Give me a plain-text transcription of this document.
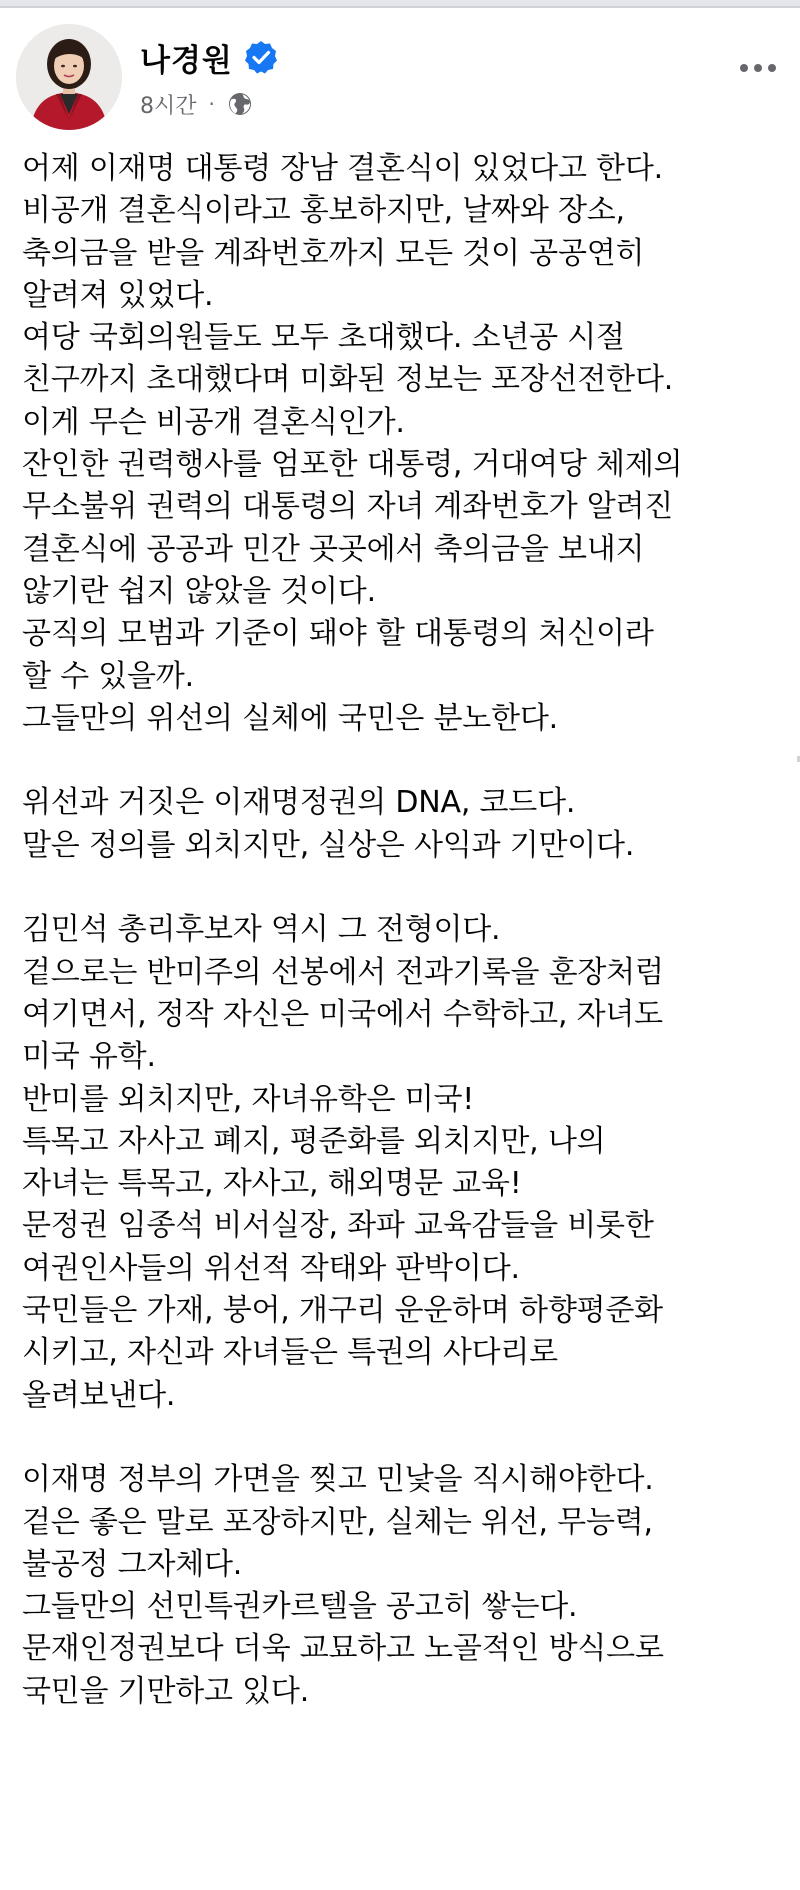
나경원
8시간 ·
어제 이재명 대통령 장남 결혼식이 있었다고 한다.
비공개 결혼식이라고 홍보하지만, 날짜와 장소,
축의금을 받을 계좌번호까지 모든 것이 공공연히
알려져 있었다.
여당 국회의원들도 모두 초대했다. 소년공 시절
친구까지 초대했다며 미화된 정보는 포장선전한다.
이게 무슨 비공개 결혼식인가.
잔인한 권력행사를 엄포한 대통령, 거대여당 체제의
무소불위 권력의 대통령의 자녀 계좌번호가 알려진
결혼식에 공공과 민간 곳곳에서 축의금을 보내지
않기란 쉽지 않았을 것이다.
공직의 모범과 기준이 돼야 할 대통령의 처신이라
할 수 있을까.
그들만의 위선의 실체에 국민은 분노한다.
위선과 거짓은 이재명정권의 DNA, 코드다.
말은 정의를 외치지만, 실상은 사익과 기만이다.
김민석 총리후보자 역시 그 전형이다.
겉으로는 반미주의 선봉에서 전과기록을 훈장처럼
여기면서, 정작 자신은 미국에서 수학하고, 자녀도
미국 유학.
반미를 외치지만, 자녀유학은 미국!
특목고 자사고 폐지, 평준화를 외치지만, 나의
자녀는 특목고, 자사고, 해외명문 교육!
문정권 임종석 비서실장, 좌파 교육감들을 비롯한
여권인사들의 위선적 작태와 판박이다.
국민들은 가재, 붕어, 개구리 운운하며 하향평준화
시키고, 자신과 자녀들은 특권의 사다리로
올려보낸다.
이재명 정부의 가면을 찢고 민낯을 직시해야한다.
겉은 좋은 말로 포장하지만, 실체는 위선, 무능력,
불공정 그자체다.
그들만의 선민특권카르텔을 공고히 쌓는다.
문재인정권보다 더욱 교묘하고 노골적인 방식으로
국민을 기만하고 있다.
